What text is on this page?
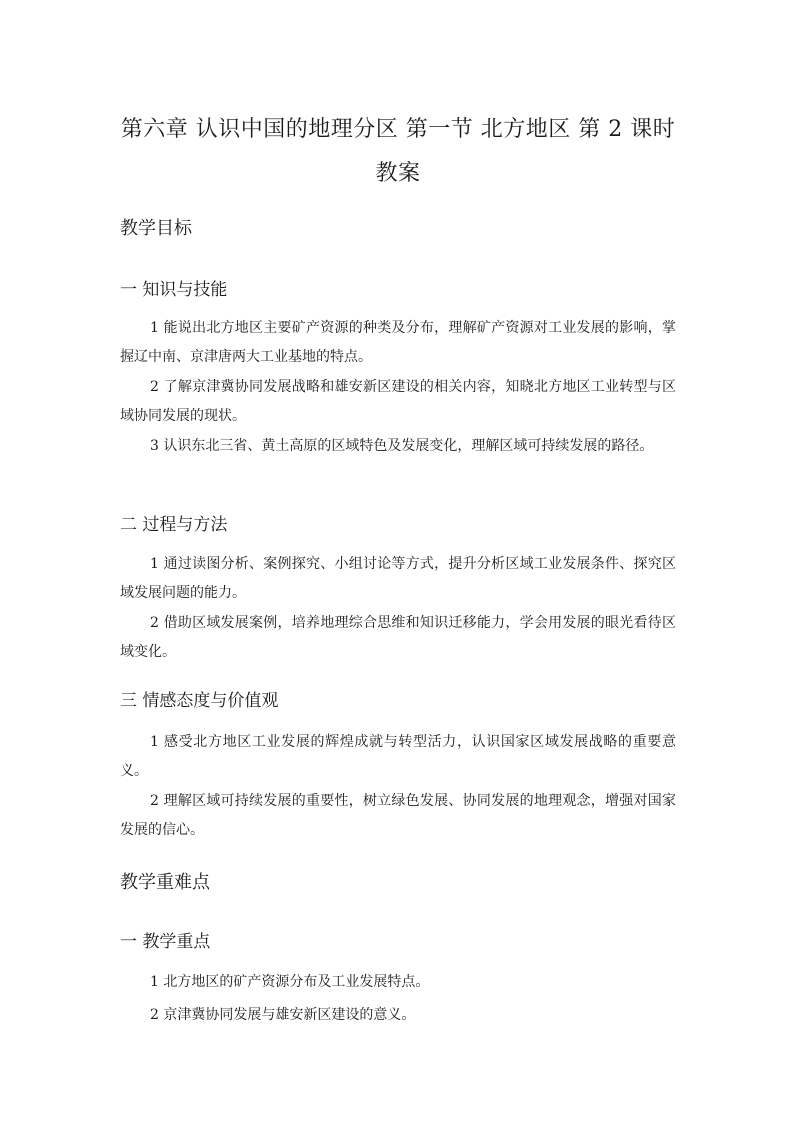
第六章 认识中国的地理分区 第一节 北方地区 第 2 课时 教案
教学目标
一 知识与技能
1 能说出北方地区主要矿产资源的种类及分布，理解矿产资源对工业发展的影响，掌握辽中南、京津唐两大工业基地的特点。
2 了解京津冀协同发展战略和雄安新区建设的相关内容，知晓北方地区工业转型与区域协同发展的现状。
3 认识东北三省、黄土高原的区域特色及发展变化，理解区域可持续发展的路径。
二 过程与方法
1 通过读图分析、案例探究、小组讨论等方式，提升分析区域工业发展条件、探究区域发展问题的能力。
2 借助区域发展案例，培养地理综合思维和知识迁移能力，学会用发展的眼光看待区域变化。
三 情感态度与价值观
1 感受北方地区工业发展的辉煌成就与转型活力，认识国家区域发展战略的重要意义。
2 理解区域可持续发展的重要性，树立绿色发展、协同发展的地理观念，增强对国家发展的信心。
教学重难点
一 教学重点
1 北方地区的矿产资源分布及工业发展特点。
2 京津冀协同发展与雄安新区建设的意义。
